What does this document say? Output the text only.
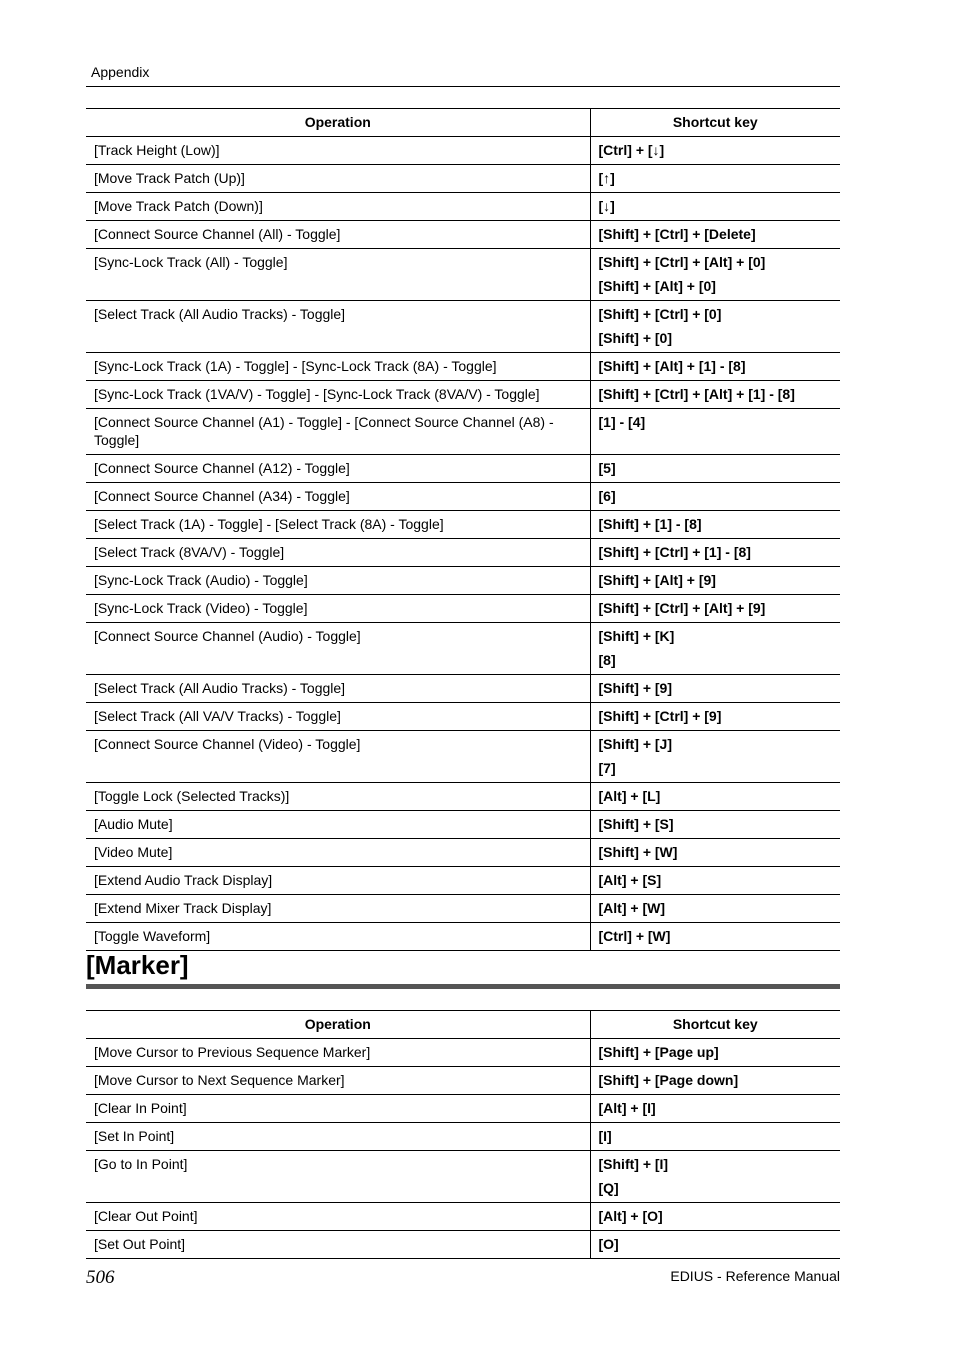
Appendix
Operation	Shortcut key
[Track Height (Low)]	[Ctrl] + [↓]

[Move Track Patch (Up)]	[↑]

[Move Track Patch (Down)]	[↓]

[Connect Source Channel (All) - Toggle]	[Shift] + [Ctrl] + [Delete]

[Sync-Lock Track (All) - Toggle]	[Shift] + [Ctrl] + [Alt] + [0]
[Shift] + [Alt] + [0]

[Select Track (All Audio Tracks) - Toggle]	[Shift] + [Ctrl] + [0]
[Shift] + [0]

[Sync-Lock Track (1A) - Toggle] - [Sync-Lock Track (8A) - Toggle]	[Shift] + [Alt] + [1] - [8]

[Sync-Lock Track (1VA/V) - Toggle] - [Sync-Lock Track (8VA/V) - Toggle]	[Shift] + [Ctrl] + [Alt] + [1] - [8]

[Connect Source Channel (A1) - Toggle] - [Connect Source Channel (A8) - Toggle]	[1] - [4]

[Connect Source Channel (A12) - Toggle]	[5]

[Connect Source Channel (A34) - Toggle]	[6]

[Select Track (1A) - Toggle] - [Select Track (8A) - Toggle]	[Shift] + [1] - [8]

[Select Track (8VA/V) - Toggle]	[Shift] + [Ctrl] + [1] - [8]

[Sync-Lock Track (Audio) - Toggle]	[Shift] + [Alt] + [9]

[Sync-Lock Track (Video) - Toggle]	[Shift] + [Ctrl] + [Alt] + [9]

[Connect Source Channel (Audio) - Toggle]	[Shift] + [K]
[8]

[Select Track (All Audio Tracks) - Toggle]	[Shift] + [9]

[Select Track (All VA/V Tracks) - Toggle]	[Shift] + [Ctrl] + [9]

[Connect Source Channel (Video) - Toggle]	[Shift] + [J]
[7]

[Toggle Lock (Selected Tracks)]	[Alt] + [L]

[Audio Mute]	[Shift] + [S]

[Video Mute]	[Shift] + [W]

[Extend Audio Track Display]	[Alt] + [S]

[Extend Mixer Track Display]	[Alt] + [W]

[Toggle Waveform]	[Ctrl] + [W]
[Marker]
Operation	Shortcut key
[Move Cursor to Previous Sequence Marker]	[Shift] + [Page up]

[Move Cursor to Next Sequence Marker]	[Shift] + [Page down]

[Clear In Point]	[Alt] + [I]

[Set In Point]	[I]

[Go to In Point]	[Shift] + [I]
[Q]

[Clear Out Point]	[Alt] + [O]

[Set Out Point]	[O]
506	EDIUS - Reference Manual
